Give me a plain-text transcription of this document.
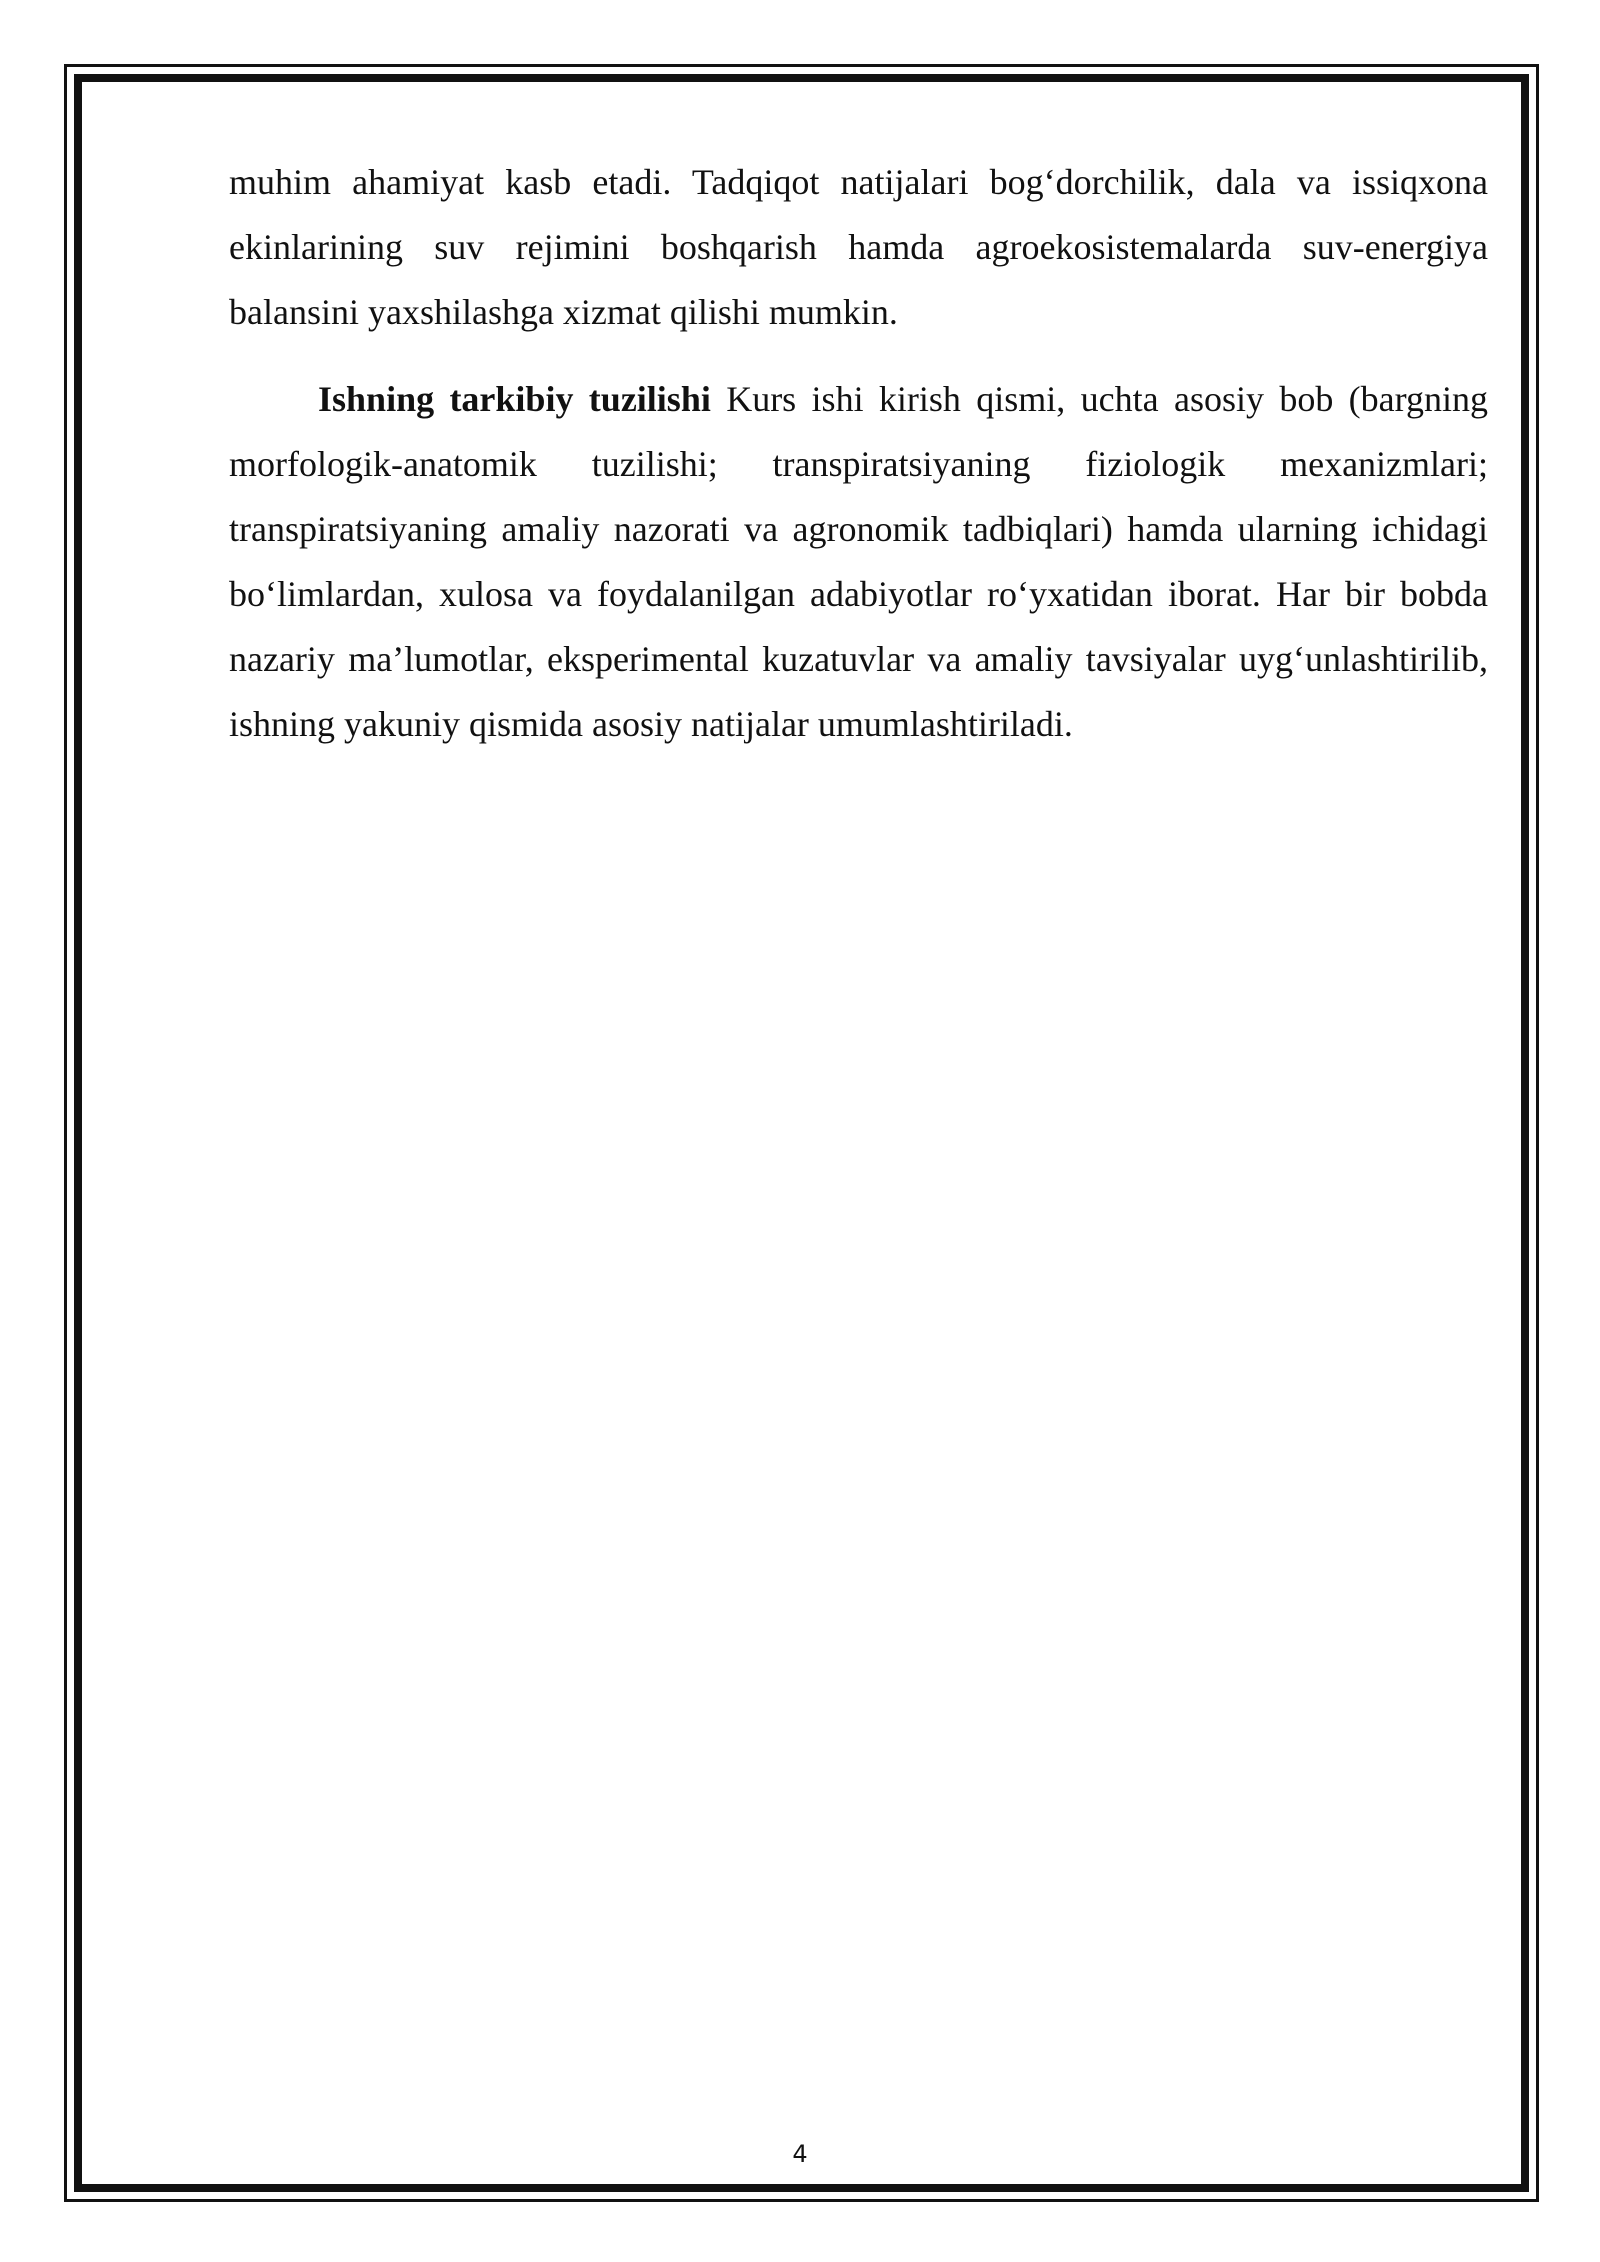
muhim ahamiyat kasb etadi. Tadqiqot natijalari bog‘dorchilik, dala va issiqxona ekinlarining suv rejimini boshqarish hamda agroekosistemalarda suv-energiya balansini yaxshilashga xizmat qilishi mumkin.

Ishning tarkibiy tuzilishi Kurs ishi kirish qismi, uchta asosiy bob (bargning morfologik-anatomik tuzilishi; transpiratsiyaning fiziologik mexanizmlari; transpiratsiyaning amaliy nazorati va agronomik tadbiqlari) hamda ularning ichidagi bo‘limlardan, xulosa va foydalanilgan adabiyotlar ro‘yxatidan iborat. Har bir bobda nazariy ma’lumotlar, eksperimental kuzatuvlar va amaliy tavsiyalar uyg‘unlashtirilib, ishning yakuniy qismida asosiy natijalar umumlashtiriladi.

4
